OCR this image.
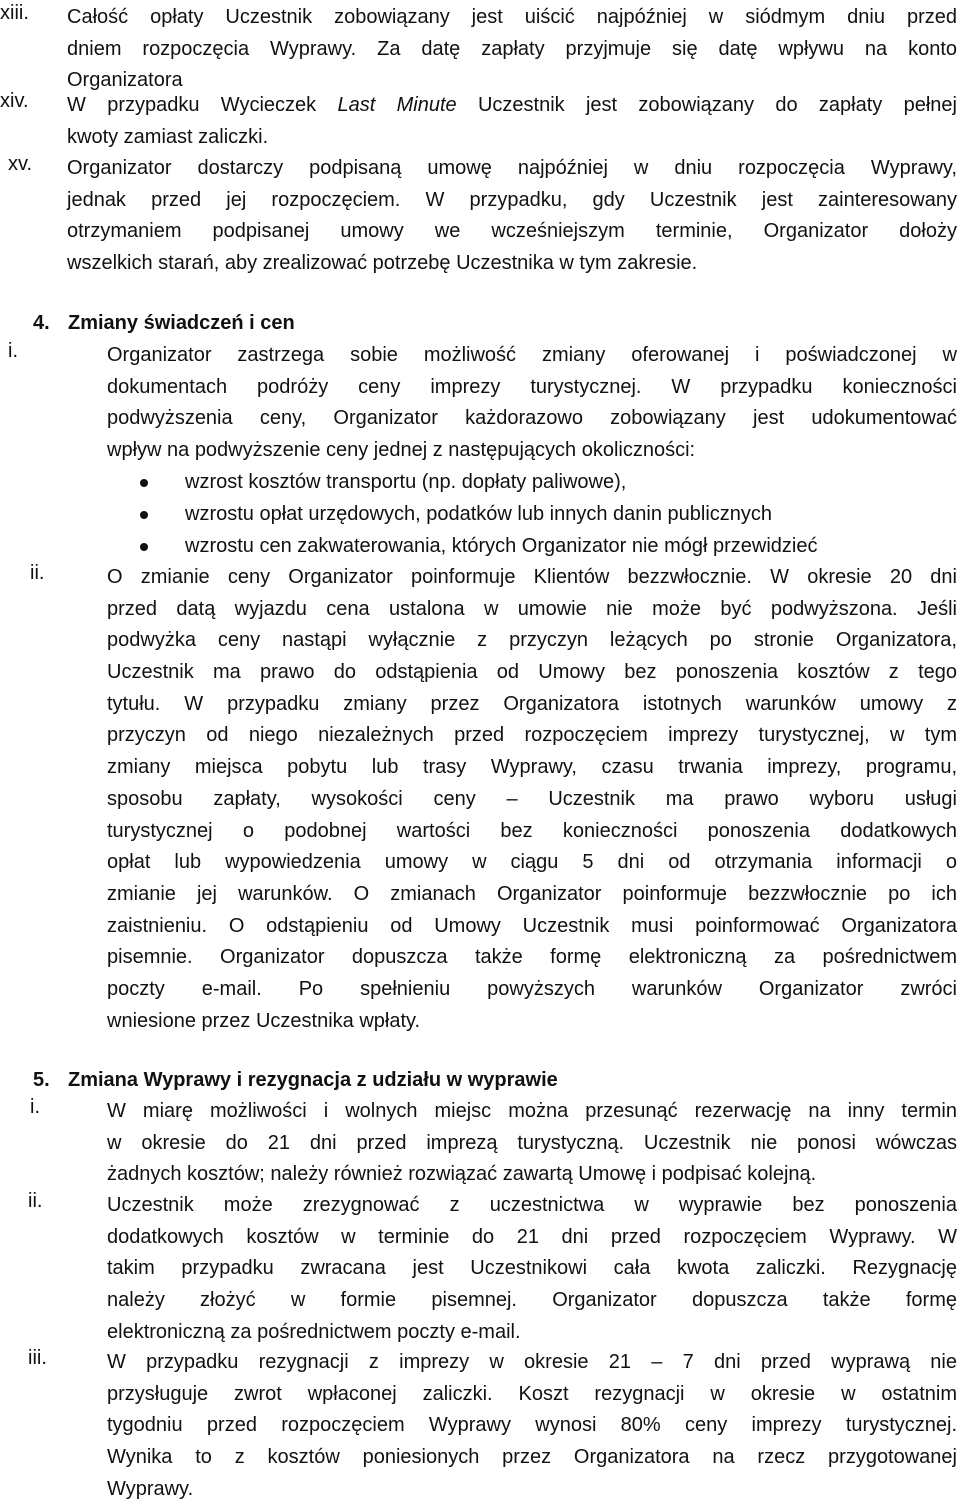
xiii. Całość opłaty Uczestnik zobowiązany jest uiścić najpóźniej w siódmym dniu przed
dniem rozpoczęcia Wyprawy. Za datę zapłaty przyjmuje się datę wpływu na konto
Organizatora
xiv. W przypadku Wycieczek Last Minute Uczestnik jest zobowiązany do zapłaty pełnej
kwoty zamiast zaliczki.
xv. Organizator dostarczy podpisaną umowę najpóźniej w dniu rozpoczęcia Wyprawy,
jednak przed jej rozpoczęciem. W przypadku, gdy Uczestnik jest zainteresowany
otrzymaniem podpisanej umowy we wcześniejszym terminie, Organizator dołoży
wszelkich starań, aby zrealizować potrzebę Uczestnika w tym zakresie.
4. Zmiany świadczeń i cen
i.	Organizator zastrzega sobie możliwość zmiany oferowanej i poświadczonej w
dokumentach podróży ceny imprezy turystycznej. W przypadku konieczności
podwyższenia ceny, Organizator każdorazowo zobowiązany jest udokumentować
wpływ na podwyższenie ceny jednej z następujących okoliczności:
wzrost kosztów transportu (np. dopłaty paliwowe),
wzrostu opłat urzędowych, podatków lub innych danin publicznych
wzrostu cen zakwaterowania, których Organizator nie mógł przewidzieć
ii.	O zmianie ceny Organizator poinformuje Klientów bezzwłocznie. W okresie 20 dni
przed datą wyjazdu cena ustalona w umowie nie może być podwyższona. Jeśli
podwyżka ceny nastąpi wyłącznie z przyczyn leżących po stronie Organizatora,
Uczestnik ma prawo do odstąpienia od Umowy bez ponoszenia kosztów z tego
tytułu. W przypadku zmiany przez Organizatora istotnych warunków umowy z
przyczyn od niego niezależnych przed rozpoczęciem imprezy turystycznej, w tym
zmiany miejsca pobytu lub trasy Wyprawy, czasu trwania imprezy, programu,
sposobu zapłaty, wysokości ceny – Uczestnik ma prawo wyboru usługi
turystycznej o podobnej wartości bez konieczności ponoszenia dodatkowych
opłat lub wypowiedzenia umowy w ciągu 5 dni od otrzymania informacji o
zmianie jej warunków. O zmianach Organizator poinformuje bezzwłocznie po ich
zaistnieniu. O odstąpieniu od Umowy Uczestnik musi poinformować Organizatora
pisemnie. Organizator dopuszcza także formę elektroniczną za pośrednictwem
poczty e-mail. Po spełnieniu powyższych warunków Organizator zwróci
wniesione przez Uczestnika wpłaty.
5. Zmiana Wyprawy i rezygnacja z udziału w wyprawie
i.	W miarę możliwości i wolnych miejsc można przesunąć rezerwację na inny termin
w okresie do 21 dni przed imprezą turystyczną. Uczestnik nie ponosi wówczas
żadnych kosztów; należy również rozwiązać zawartą Umowę i podpisać kolejną.
ii.	Uczestnik może zrezygnować z uczestnictwa w wyprawie bez ponoszenia
dodatkowych kosztów w terminie do 21 dni przed rozpoczęciem Wyprawy. W
takim przypadku zwracana jest Uczestnikowi cała kwota zaliczki. Rezygnację
należy złożyć w formie pisemnej. Organizator dopuszcza także formę
elektroniczną za pośrednictwem poczty e-mail.
iii.	W przypadku rezygnacji z imprezy w okresie 21 – 7 dni przed wyprawą nie
przysługuje zwrot wpłaconej zaliczki. Koszt rezygnacji w okresie w ostatnim
tygodniu przed rozpoczęciem Wyprawy wynosi 80% ceny imprezy turystycznej.
Wynika to z kosztów poniesionych przez Organizatora na rzecz przygotowanej
Wyprawy.
